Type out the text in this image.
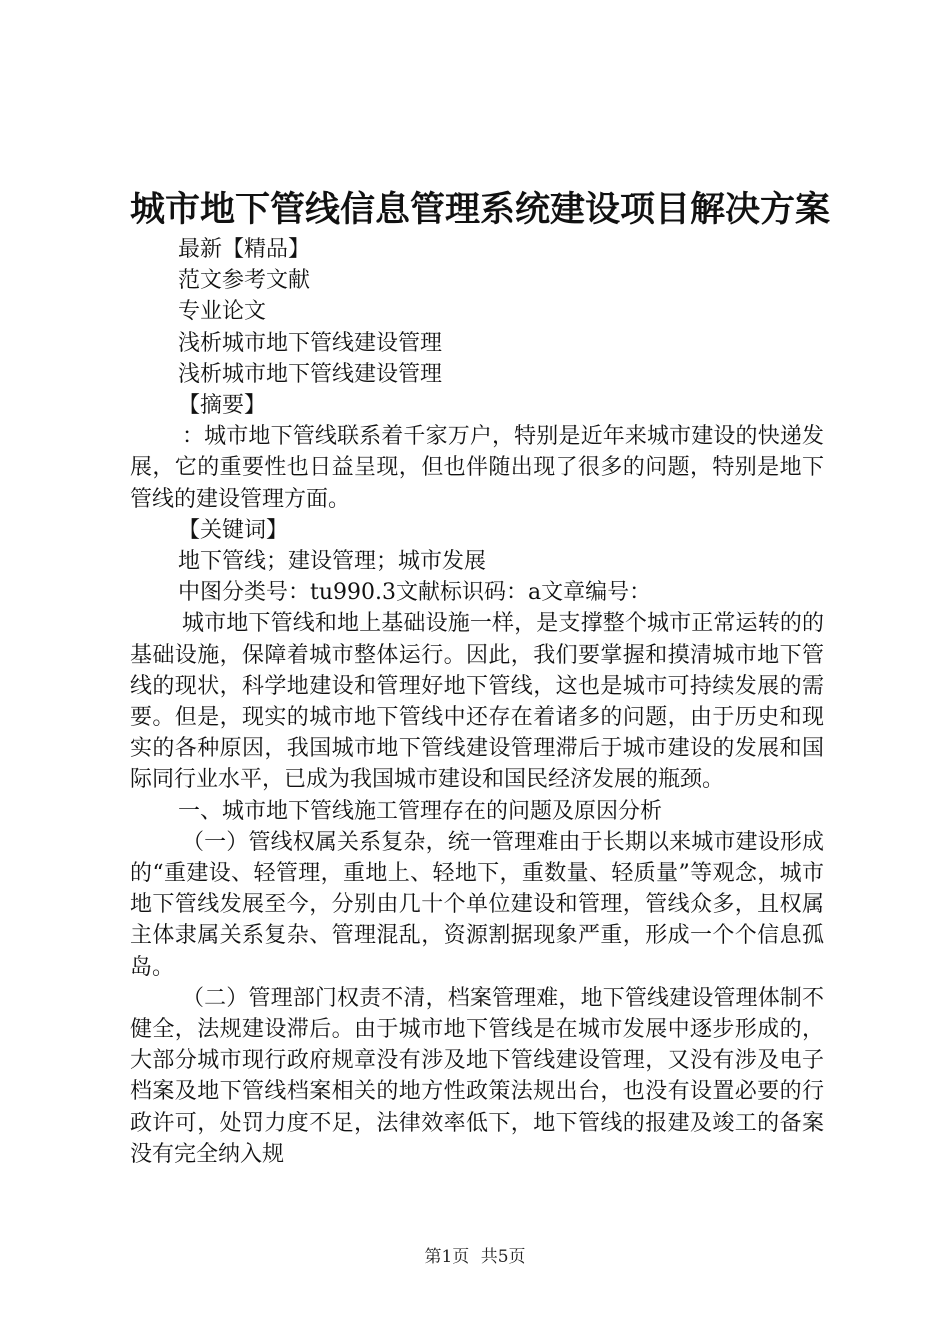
城市地下管线信息管理系统建设项目解决方案

最新【精品】

范文参考文献

专业论文

浅析城市地下管线建设管理

浅析城市地下管线建设管理

【摘要】

：城市地下管线联系着千家万户，特别是近年来城市建设的快递发展，它的重要性也日益呈现，但也伴随出现了很多的问题，特别是地下管线的建设管理方面。

【关键词】

地下管线；建设管理；城市发展

中图分类号：tu990.3文献标识码：a文章编号：

城市地下管线和地上基础设施一样，是支撑整个城市正常运转的的基础设施，保障着城市整体运行。因此，我们要掌握和摸清城市地下管线的现状，科学地建设和管理好地下管线，这也是城市可持续发展的需要。但是，现实的城市地下管线中还存在着诸多的问题，由于历史和现实的各种原因，我国城市地下管线建设管理滞后于城市建设的发展和国际同行业水平，已成为我国城市建设和国民经济发展的瓶颈。

一、城市地下管线施工管理存在的问题及原因分析

（一）管线权属关系复杂，统一管理难由于长期以来城市建设形成的“重建设、轻管理，重地上、轻地下，重数量、轻质量”等观念，城市地下管线发展至今，分别由几十个单位建设和管理，管线众多，且权属主体隶属关系复杂、管理混乱，资源割据现象严重，形成一个个信息孤岛。

（二）管理部门权责不清，档案管理难，地下管线建设管理体制不健全，法规建设滞后。由于城市地下管线是在城市发展中逐步形成的，大部分城市现行政府规章没有涉及地下管线建设管理，又没有涉及电子档案及地下管线档案相关的地方性政策法规出台，也没有设置必要的行政许可，处罚力度不足，法律效率低下，地下管线的报建及竣工的备案没有完全纳入规

第1页 共5页
